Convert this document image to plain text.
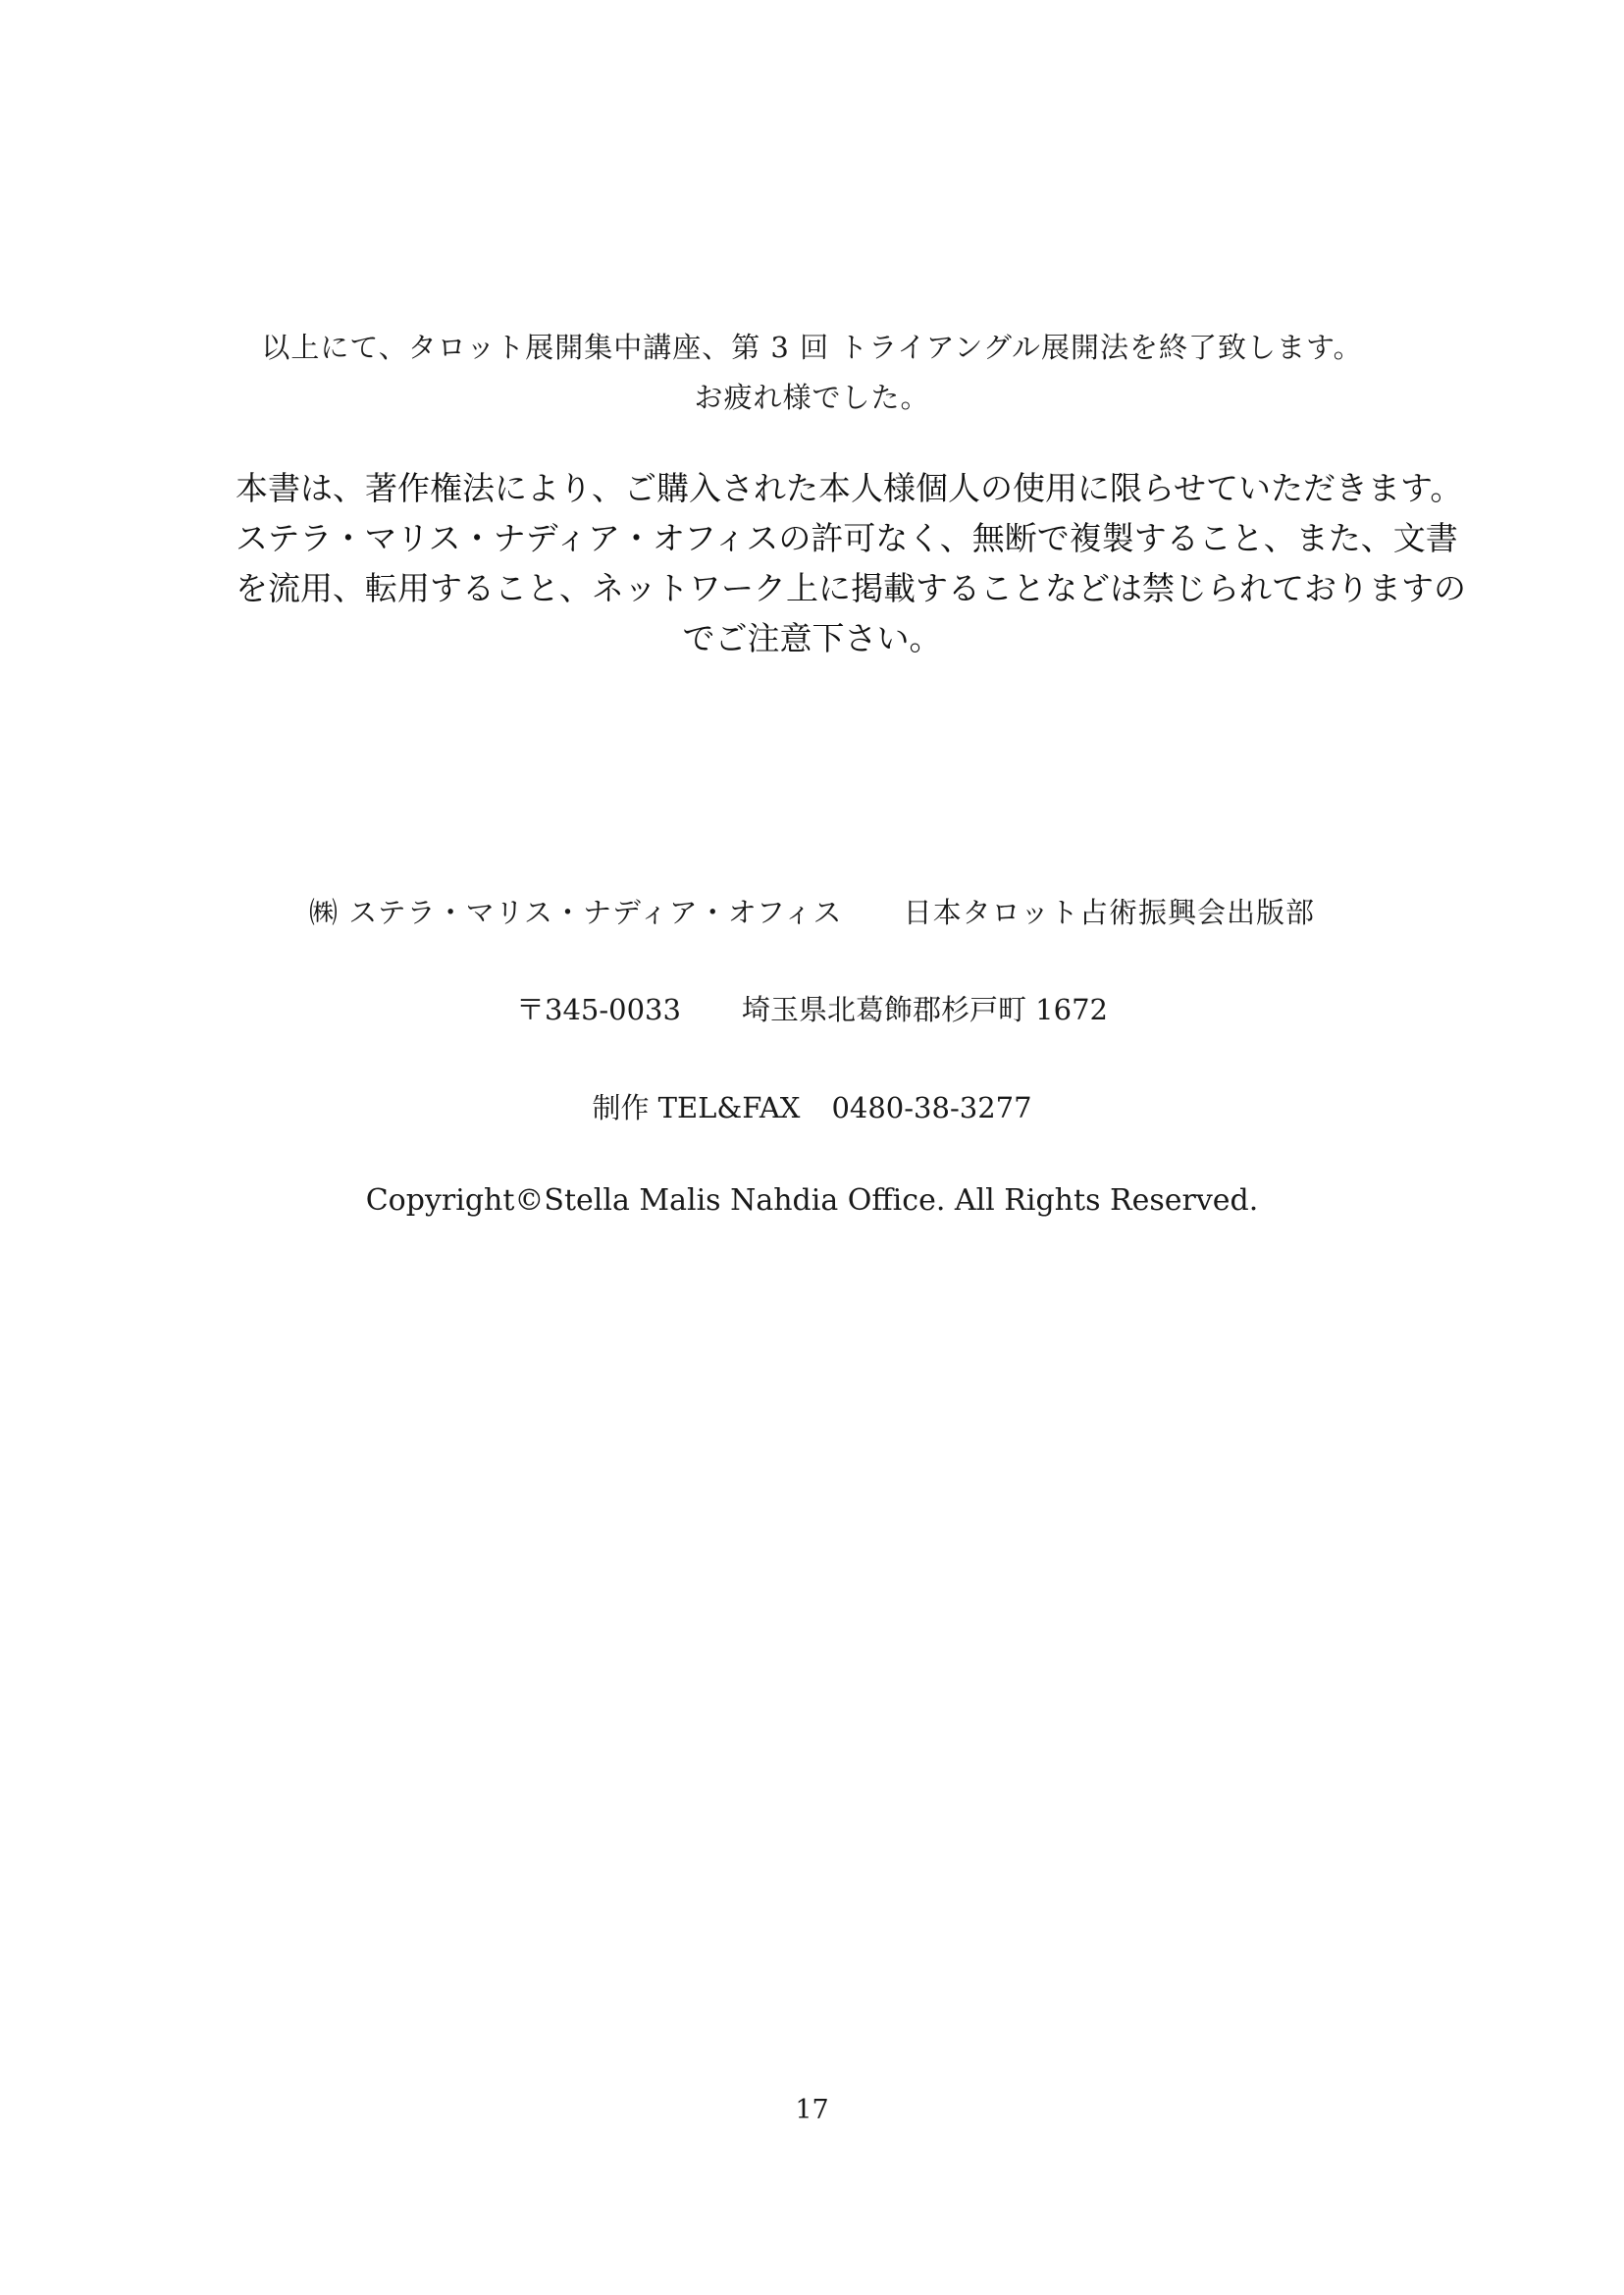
以上にて、タロット展開集中講座、第 3 回 トライアングル展開法を終了致します。
お疲れ様でした。

本書は、著作権法により、ご購入された本人様個人の使用に限らせていただきます。

ステラ・マリス・ナディア・オフィスの許可なく、無断で複製すること、また、文書

を流用、転用すること、ネットワーク上に掲載することなどは禁じられておりますの

でご注意下さい。

㈱ ステラ・マリス・ナディア・オフィス 日本タロット占術振興会出版部
〒345-0033 埼玉県北葛飾郡杉戸町 1672
制作 TEL&FAX 0480-38-3277
Copyright©Stella Malis Nahdia Office. All Rights Reserved.
17
